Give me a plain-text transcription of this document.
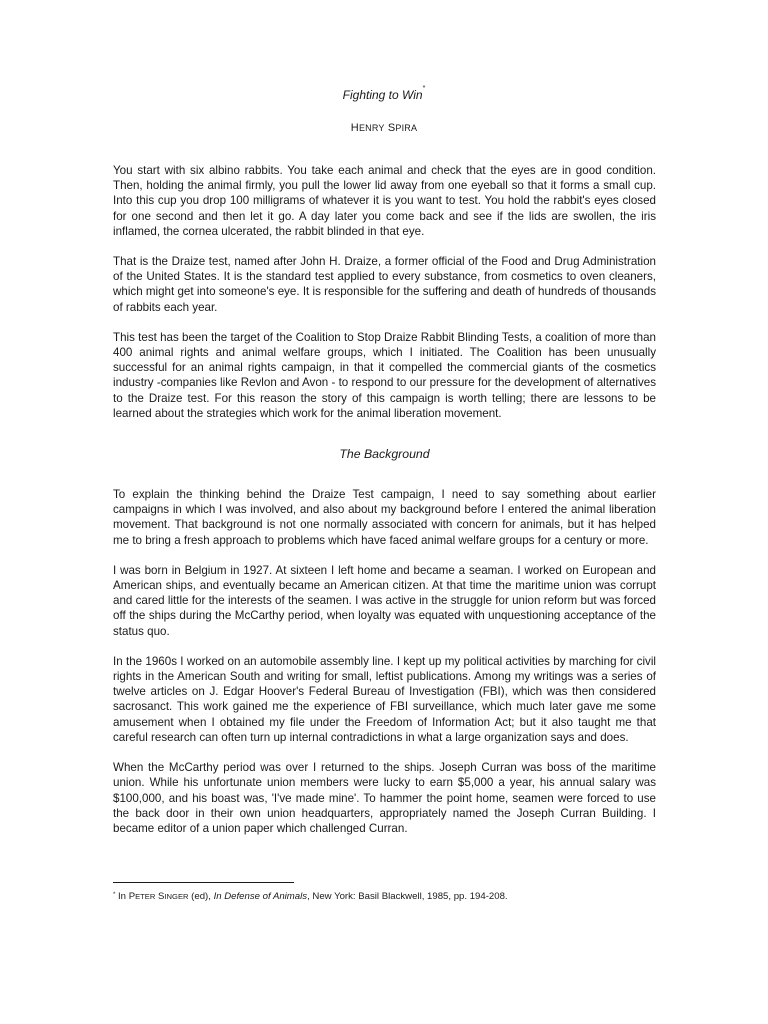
Fighting to Win*
HENRY SPIRA

You start with six albino rabbits. You take each animal and check that the eyes are in good condition. Then, holding the animal firmly, you pull the lower lid away from one eyeball so that it forms a small cup. Into this cup you drop 100 milligrams of whatever it is you want to test. You hold the rabbit's eyes closed for one second and then let it go. A day later you come back and see if the lids are swollen, the iris inflamed, the cornea ulcerated, the rabbit blinded in that eye.

That is the Draize test, named after John H. Draize, a former official of the Food and Drug Administration of the United States. It is the standard test applied to every substance, from cosmetics to oven cleaners, which might get into someone's eye. It is responsible for the suffering and death of hundreds of thousands of rabbits each year.

This test has been the target of the Coalition to Stop Draize Rabbit Blinding Tests, a coalition of more than 400 animal rights and animal welfare groups, which I initiated. The Coalition has been unusually successful for an animal rights campaign, in that it compelled the commercial giants of the cosmetics industry -companies like Revlon and Avon - to respond to our pressure for the development of alternatives to the Draize test. For this reason the story of this campaign is worth telling; there are lessons to be learned about the strategies which work for the animal liberation movement.

The Background

To explain the thinking behind the Draize Test campaign, I need to say something about earlier campaigns in which I was involved, and also about my background before I entered the animal liberation movement. That background is not one normally associated with concern for animals, but it has helped me to bring a fresh approach to problems which have faced animal welfare groups for a century or more.

I was born in Belgium in 1927. At sixteen I left home and became a seaman. I worked on European and American ships, and eventually became an American citizen. At that time the maritime union was corrupt and cared little for the interests of the seamen. I was active in the struggle for union reform but was forced off the ships during the McCarthy period, when loyalty was equated with unquestioning acceptance of the status quo.

In the 1960s I worked on an automobile assembly line. I kept up my political activities by marching for civil rights in the American South and writing for small, leftist publications. Among my writings was a series of twelve articles on J. Edgar Hoover's Federal Bureau of Investigation (FBI), which was then considered sacrosanct. This work gained me the experience of FBI surveillance, which much later gave me some amusement when I obtained my file under the Freedom of Information Act; but it also taught me that careful research can often turn up internal contradictions in what a large organization says and does.

When the McCarthy period was over I returned to the ships. Joseph Curran was boss of the maritime union. While his unfortunate union members were lucky to earn $5,000 a year, his annual salary was $100,000, and his boast was, 'I've made mine'. To hammer the point home, seamen were forced to use the back door in their own union headquarters, appropriately named the Joseph Curran Building. I became editor of a union paper which challenged Curran.

* In PETER SINGER (ed), In Defense of Animals, New York: Basil Blackwell, 1985, pp. 194-208.
